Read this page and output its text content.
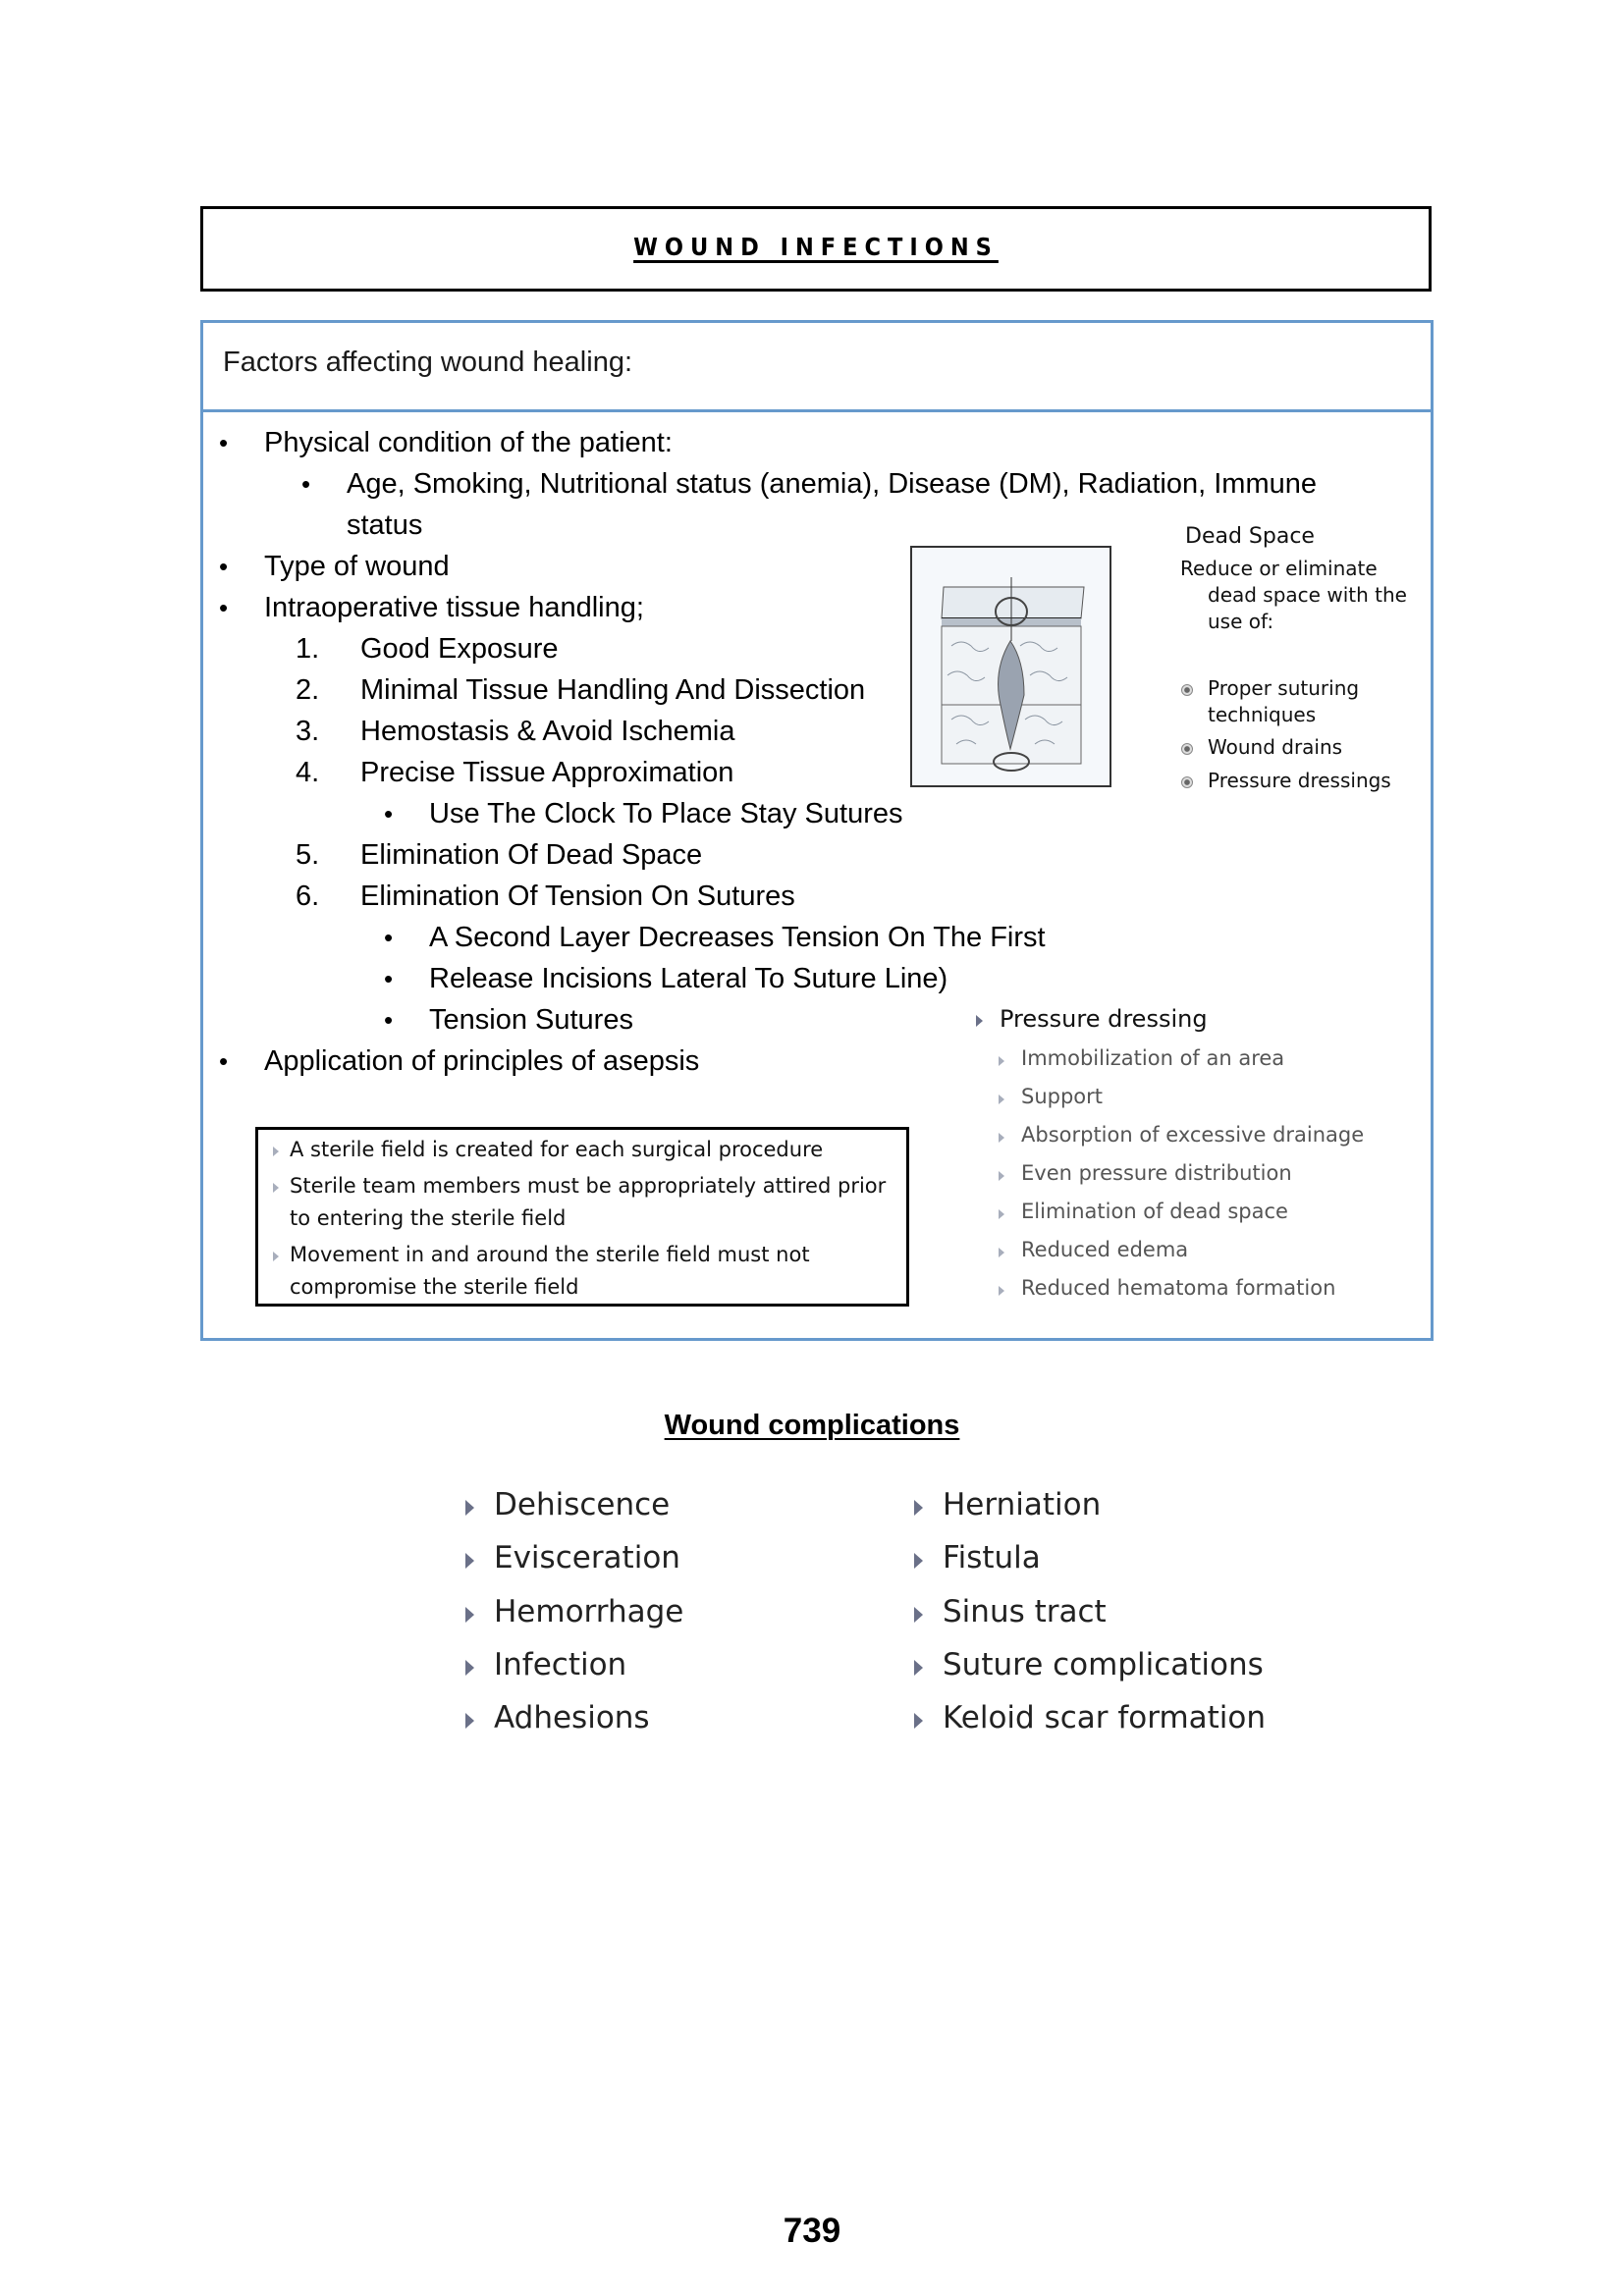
WOUND INFECTIONS
Factors affecting wound healing:
• Physical condition of the patient:
• Age, Smoking, Nutritional status (anemia), Disease (DM), Radiation, Immune
status
• Type of wound
• Intraoperative tissue handling;
1. Good Exposure
2. Minimal Tissue Handling And Dissection
3. Hemostasis & Avoid Ischemia
4. Precise Tissue Approximation
• Use The Clock To Place Stay Sutures
5. Elimination Of Dead Space
6. Elimination Of Tension On Sutures
• A Second Layer Decreases Tension On The First
• Release Incisions Lateral To Suture Line)
• Tension Sutures
• Application of principles of asepsis
Dead Space
Reduce or eliminate
dead space with the
use of:
Proper suturing
techniques
Wound drains
Pressure dressings
Pressure dressing
Immobilization of an area
Support
Absorption of excessive drainage
Even pressure distribution
Elimination of dead space
Reduced edema
Reduced hematoma formation
A sterile field is created for each surgical procedure
Sterile team members must be appropriately attired prior
to entering the sterile field
Movement in and around the sterile field must not
compromise the sterile field
Wound complications
Dehiscence
Evisceration
Hemorrhage
Infection
Adhesions
Herniation
Fistula
Sinus tract
Suture complications
Keloid scar formation
739
